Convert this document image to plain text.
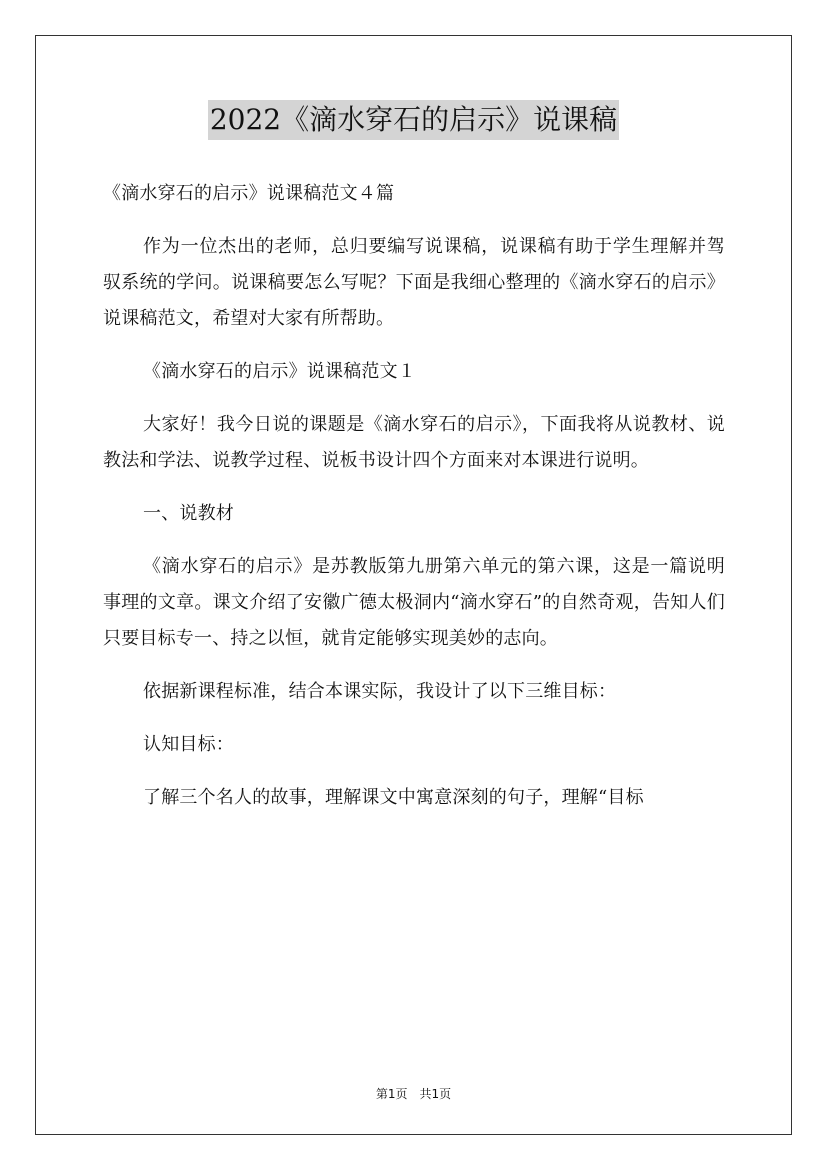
2022《滴水穿石的启示》说课稿

《滴水穿石的启示》说课稿范文４篇

作为一位杰出的老师，总归要编写说课稿，说课稿有助于学生理解并驾驭系统的学问。说课稿要怎么写呢？下面是我细心整理的《滴水穿石的启示》说课稿范文，希望对大家有所帮助。

《滴水穿石的启示》说课稿范文１

大家好！我今日说的课题是《滴水穿石的启示》，下面我将从说教材、说教法和学法、说教学过程、说板书设计四个方面来对本课进行说明。

一、说教材

《滴水穿石的启示》是苏教版第九册第六单元的第六课，这是一篇说明事理的文章。课文介绍了安徽广德太极洞内“滴水穿石”的自然奇观，告知人们只要目标专一、持之以恒，就肯定能够实现美妙的志向。

依据新课程标准，结合本课实际，我设计了以下三维目标：

认知目标：

了解三个名人的故事，理解课文中寓意深刻的句子，理解“目标

第1页　共1页
